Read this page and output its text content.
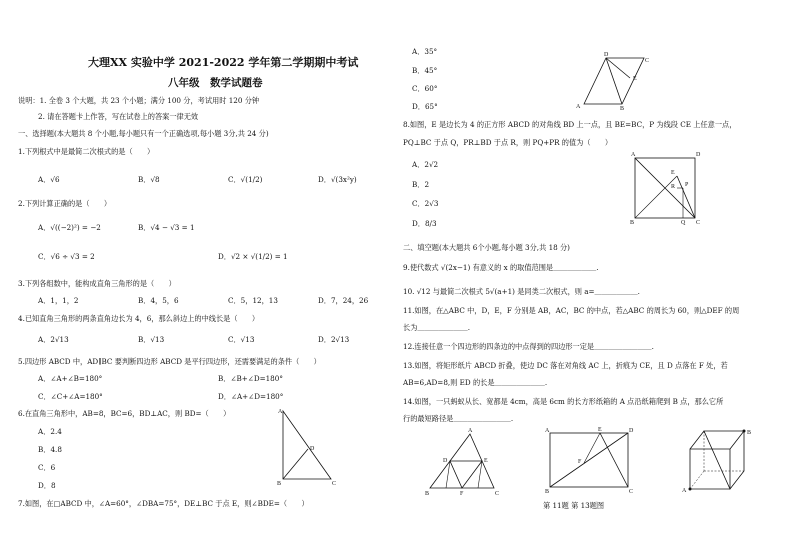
大理XX 实验中学 2021-2022 学年第二学期期中考试
八年级　数学试题卷
说明：1. 全卷 3 个大题，共 23 个小题；满分 100 分，考试用时 120 分钟
2. 请在答题卡上作答，写在试卷上的答案一律无效
一、选择题(本大题共 8 个小题,每小题只有一个正确选项,每小题 3分,共 24 分)
1.下列根式中是最简二次根式的是（　　）
A．√6	B．√8	C．√(1/2)	D．√(3x²y)
2.下列计算正确的是（　　）
A．√((−2)²) = −2	B．√4 − √3 = 1
C．√6 ÷ √3 = 2	D．√2 × √(1/2) = 1
3.下列各组数中，能构成直角三角形的是（　　）
A．1，1，2	B．4，5，6	C．5，12，13	D．7，24，26
4.已知直角三角形的两条直角边长为 4，6，那么斜边上的中线长是（　　）
A．2√13	B．√13	C．√13	D．2√13
5.四边形 ABCD 中，AD∥BC 要判断四边形 ABCD 是平行四边形，还需要满足的条件（　　）
A．∠A+∠B=180°	B．∠B+∠D=180°
C．∠C+∠A=180°	D．∠A+∠D=180°
6.在直角三角形中，AB=8，BC=6，BD⊥AC，则 BD=（　　）
A．2.4
B．4.8
C．6
D．8
A
B	C
D
7.如图，在□ABCD 中，∠A=60°，∠DBA=75°，DE⊥BC 于点 E，则∠BDE=（　　）
A．35°
B．45°
C．60°
D．65°	A	B
C
D
E
8.如图，E 是边长为 4 的正方形 ABCD 的对角线 BD 上一点，且 BE=BC，P 为线段 CE 上任意一点，
PQ⊥BC 于点 Q，PR⊥BD 于点 R，则 PQ+PR 的值为（　　）
A．2√2
B．2
C．2√3
D．8/3
A	D
B	C
E
R P
Q
二、填空题(本大题共 6个小题,每小题 3分,共 18 分)
9.使代数式 √(2x−1) 有意义的 x 的取值范围是＿＿＿＿＿＿.
10. √12 与最简二次根式 5√(a+1) 是同类二次根式，则 a=＿＿＿＿＿＿.
11.如图，在△ABC 中，D，E，F 分别是 AB，AC，BC 的中点，若△ABC 的周长为 60，则△DEF 的周
长为＿＿＿＿＿＿＿.
12.连接任意一个四边形的四条边的中点得到的四边形一定是＿＿＿＿＿＿＿＿.
13.如图，将矩形纸片 ABCD 折叠，使边 DC 落在对角线 AC 上，折痕为 CE，且 D 点落在 F 处，若
AB=6,AD=8,则 ED 的长是＿＿＿＿＿＿＿.
14.如图，一只蚂蚁从长、宽都是 4cm，高是 6cm 的长方形纸箱的 A 点沿纸箱爬到 B 点，那么它所
行的最短路径是＿＿＿＿＿＿＿＿.
A
B	C
D	E
F
A	E	D
F
B	C
B
A
第 11题 第 13题图
